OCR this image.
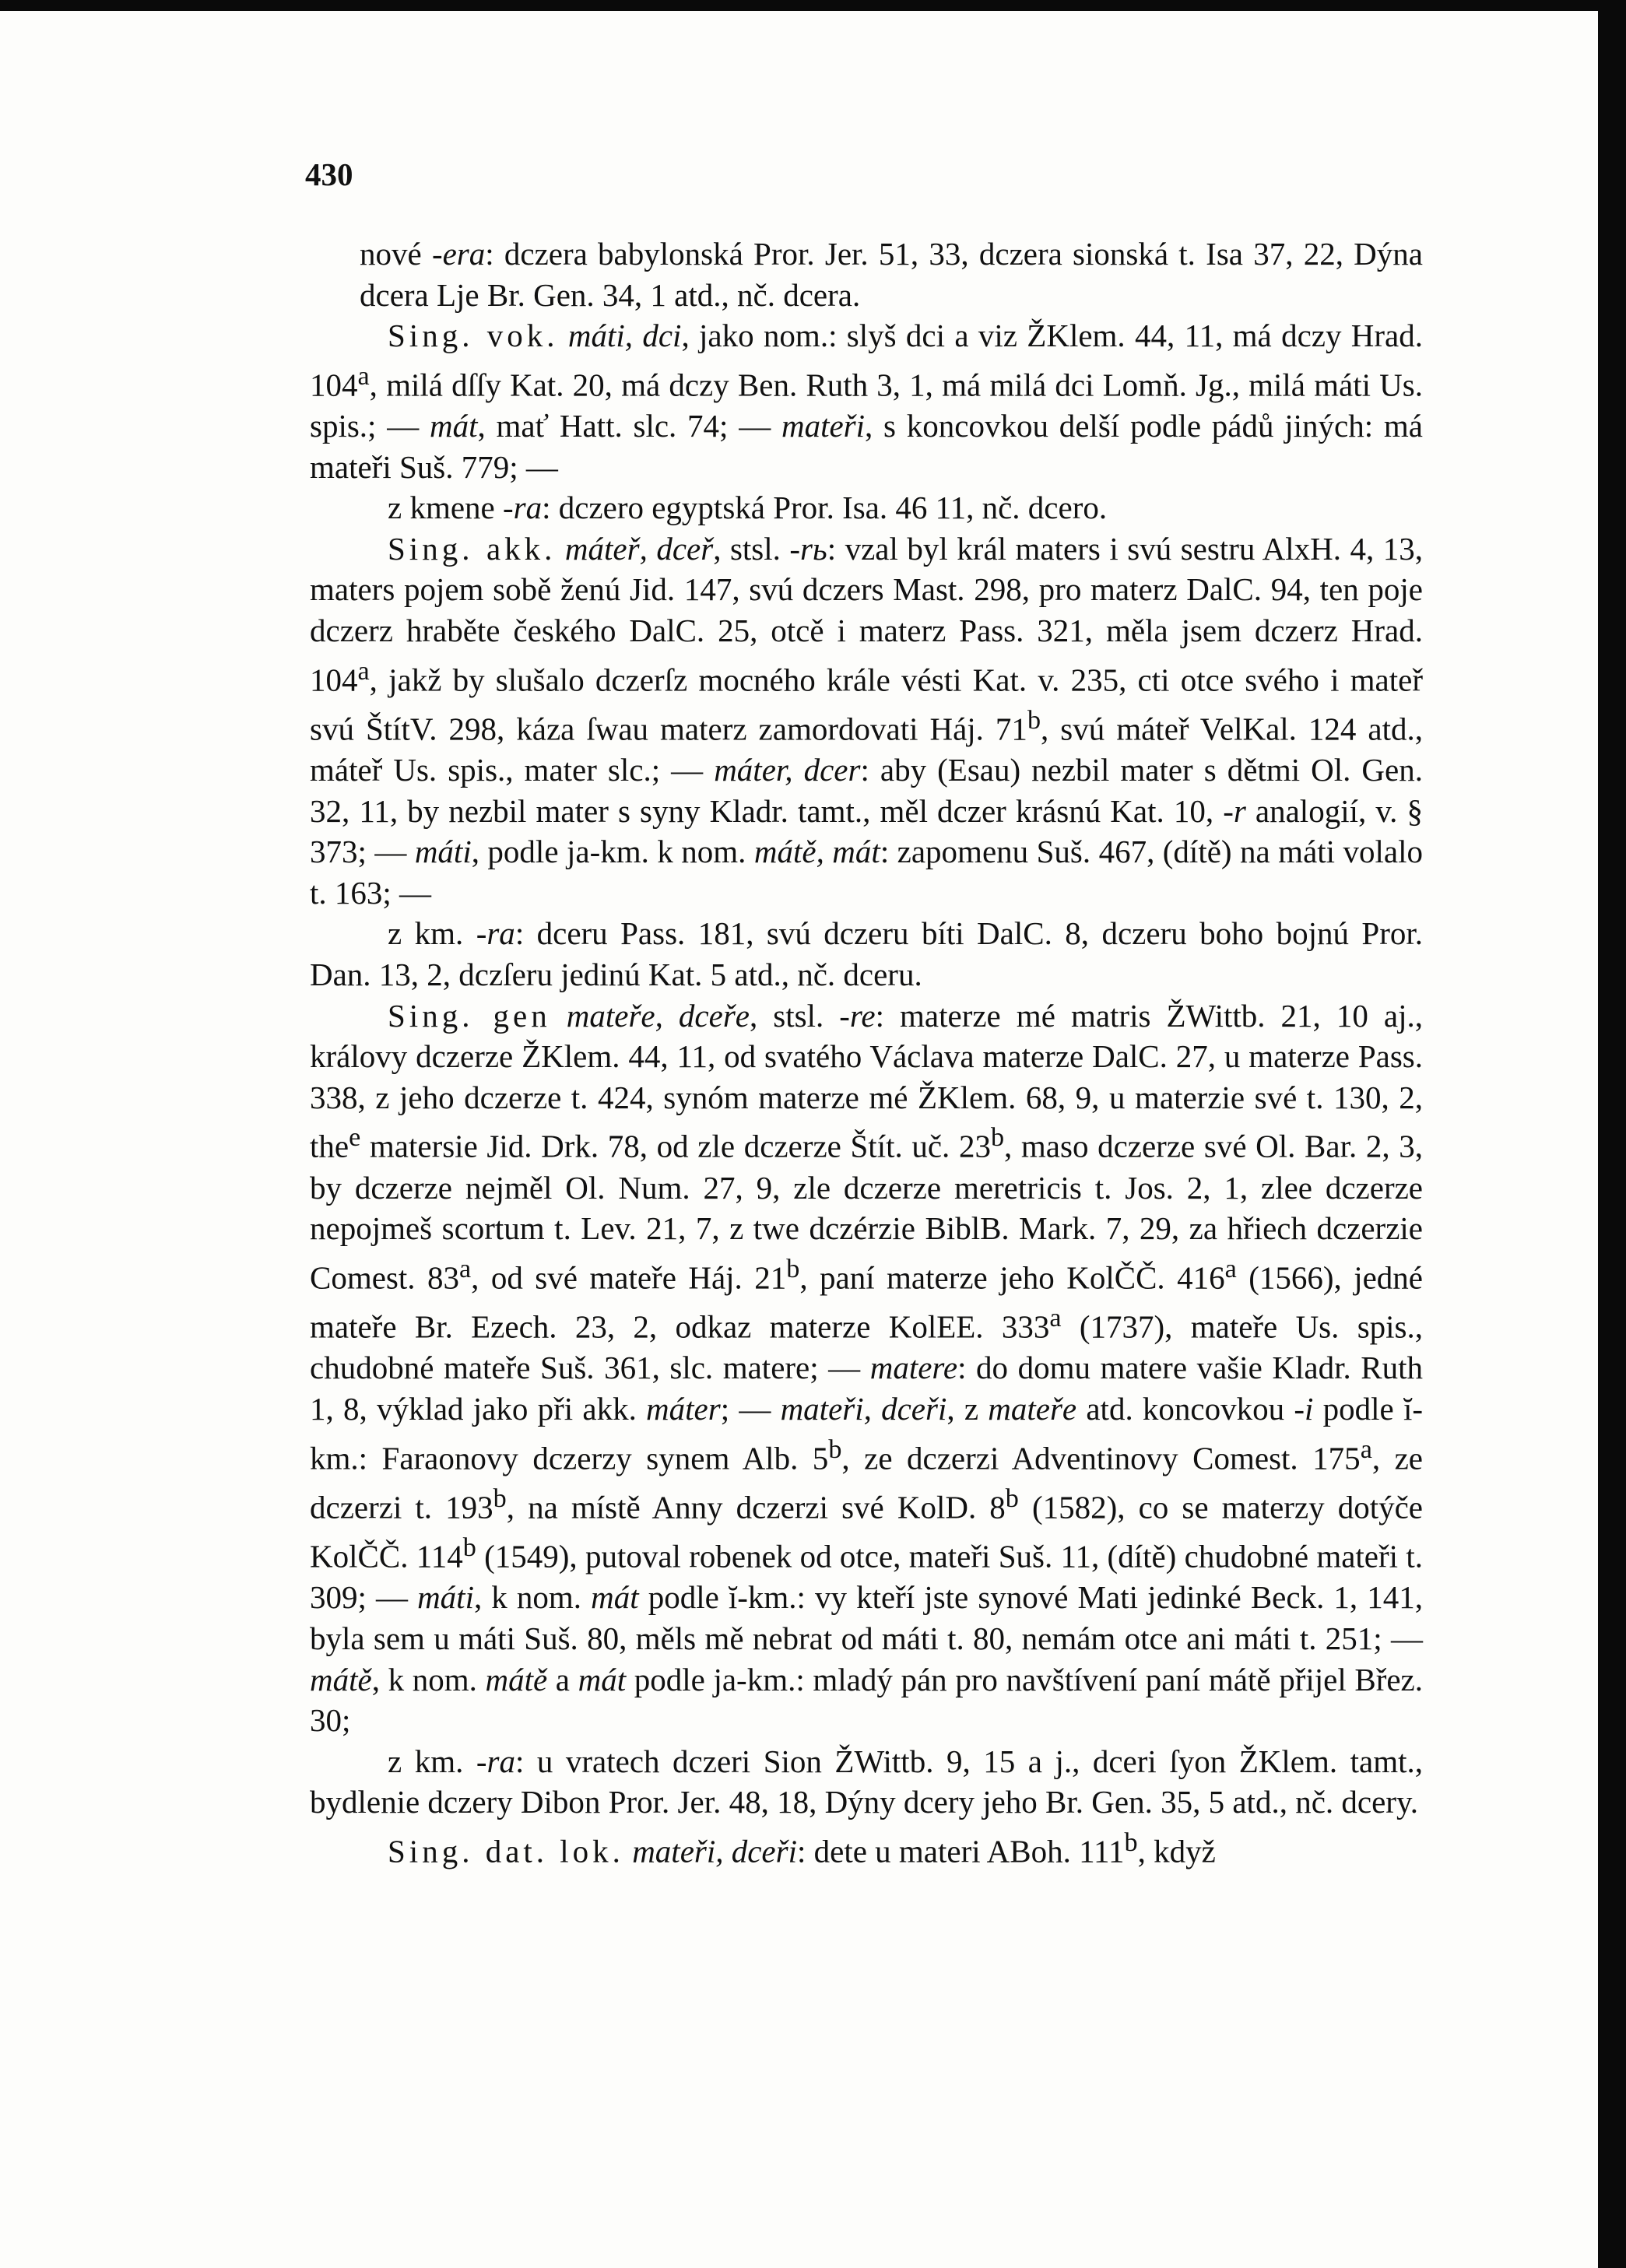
430

nové -era: dczera babylonská Pror. Jer. 51, 33, dczera sionská t. Isa 37, 22, Dýna dcera Lje Br. Gen. 34, 1 atd., nč. dcera.

Sing. vok. máti, dci, jako nom.: slyš dci a viz ŽKlem. 44, 11, má dczy Hrad. 104$^a$, milá dſſy Kat. 20, má dczy Ben. Ruth 3, 1, má milá dci Lomň. Jg., milá máti Us. spis.; — mát, mať Hatt. slc. 74; — mateři, s koncovkou delší podle pádů jiných: má mateři Suš. 779; —

z kmene -ra: dczero egyptská Pror. Isa. 46 11, nč. dcero.

Sing. akk. máteř, dceř, stsl. -rь: vzal byl král maters i svú sestru AlxH. 4, 13, maters pojem sobě ženú Jid. 147, svú dczers Mast. 298, pro materz DalC. 94, ten poje dczerz hraběte českého DalC. 25, otcě i materz Pass. 321, měla jsem dczerz Hrad. 104$^a$, jakž by slušalo dczerſz mocného krále vésti Kat. v. 235, cti otce svého i mateř svú ŠtítV. 298, káza ſwau materz zamordovati Háj. 71$^b$, svú máteř VelKal. 124 atd., máteř Us. spis., mater slc.; — máter, dcer: aby (Esau) nezbil mater s dětmi Ol. Gen. 32, 11, by nezbil mater s syny Kladr. tamt., měl dczer krásnú Kat. 10, -r analogií, v. § 373; — máti, podle ja-km. k nom. mátě, mát: zapomenu Suš. 467, (dítě) na máti volalo t. 163; —

z km. -ra: dceru Pass. 181, svú dczeru bíti DalC. 8, dczeru boho bojnú Pror. Dan. 13, 2, dczſeru jedinú Kat. 5 atd., nč. dceru.

Sing. gen mateře, dceře, stsl. -re: materze mé matris ŽWittb. 21, 10 aj., královy dczerze ŽKlem. 44, 11, od svatého Václava materze DalC. 27, u materze Pass. 338, z jeho dczerze t. 424, synóm materze mé ŽKlem. 68, 9, u materzie své t. 130, 2, the$^e$ matersie Jid. Drk. 78, od zle dczerze Štít. uč. 23$^b$, maso dczerze své Ol. Bar. 2, 3, by dczerze nejměl Ol. Num. 27, 9, zle dczerze meretricis t. Jos. 2, 1, zlee dczerze nepojmeš scortum t. Lev. 21, 7, z twe dczérzie BiblB. Mark. 7, 29, za hřiech dczerzie Comest. 83$^a$, od své mateře Háj. 21$^b$, paní materze jeho KolČČ. 416$^a$ (1566), jedné mateře Br. Ezech. 23, 2, odkaz materze KolEE. 333$^a$ (1737), mateře Us. spis., chudobné mateře Suš. 361, slc. matere; — matere: do domu matere vašie Kladr. Ruth 1, 8, výklad jako při akk. máter; — mateři, dceři, z mateře atd. koncovkou -i podle ĭ-km.: Faraonovy dczerzy synem Alb. 5$^b$, ze dczerzi Adventinovy Comest. 175$^a$, ze dczerzi t. 193$^b$, na místě Anny dczerzi své KolD. 8$^b$ (1582), co se materzy dotýče KolČČ. 114$^b$ (1549), putoval robenek od otce, mateři Suš. 11, (dítě) chudobné mateři t. 309; — máti, k nom. mát podle ĭ-km.: vy kteří jste synové Mati jedinké Beck. 1, 141, byla sem u máti Suš. 80, měls mě nebrat od máti t. 80, nemám otce ani máti t. 251; — mátě, k nom. mátě a mát podle ja-km.: mladý pán pro navštívení paní mátě přijel Břez. 30;

z km. -ra: u vratech dczeri Sion ŽWittb. 9, 15 a j., dceri ſyon ŽKlem. tamt., bydlenie dczery Dibon Pror. Jer. 48, 18, Dýny dcery jeho Br. Gen. 35, 5 atd., nč. dcery.

Sing. dat. lok. mateři, dceři: dete u materi ABoh. 111$^b$, když
